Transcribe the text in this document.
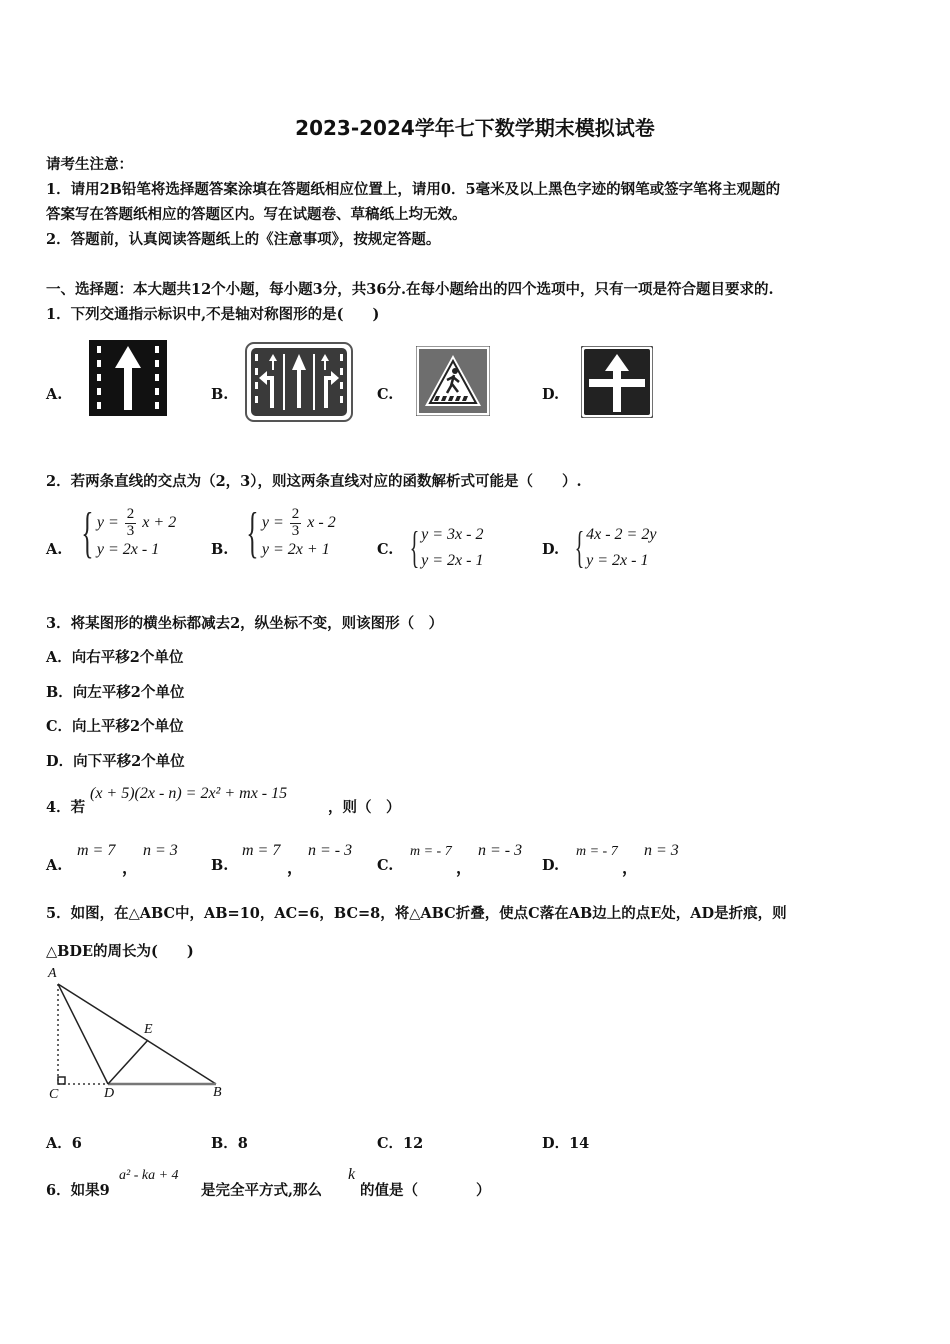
2023-2024学年七下数学期末模拟试卷
请考生注意：
1．请用2B铅笔将选择题答案涂填在答题纸相应位置上，请用0．5毫米及以上黑色字迹的钢笔或签字笔将主观题的
答案写在答题纸相应的答题区内。写在试题卷、草稿纸上均无效。
2．答题前，认真阅读答题纸上的《注意事项》，按规定答题。
一、选择题：本大题共12个小题，每小题3分，共36分.在每小题给出的四个选项中，只有一项是符合题目要求的.
1．下列交通指示标识中,不是轴对称图形的是(　　)
A.	B.	C.	D.
2．若两条直线的交点为（2，3），则这两条直线对应的函数解析式可能是（　　）.
A. { $y = \frac{2}{3}$ x + 2
y = 2x - 1	B. { $y = \frac{2}{3}$ x - 2
y = 2x + 1	C. { y = 3x - 2
y = 2x - 1
D. { 4x - 2 = 2y
y = 2x - 1
3．将某图形的横坐标都减去2，纵坐标不变，则该图形（　）
A．向右平移2个单位
B．向左平移2个单位
C．向上平移2个单位
D．向下平移2个单位
4．若
(x + 5)(2x - n) = 2x² + mx - 15
，则（　）
A.
m = 7
，
n = 3
B.
m = 7
，
n = - 3
C.
m = - 7
，
n = - 3
D.
m = - 7
，
n = 3
5．如图，在△ABC中，AB=10，AC=6，BC=8，将△ABC折叠，使点C落在AB边上的点E处，AD是折痕，则
△BDE的周长为(　　)
A
E
C	D	B
A．6	B．8	C．12	D．14
6．如果9
a² - ka + 4
是完全平方式,那么
k
的值是（　　　　）
